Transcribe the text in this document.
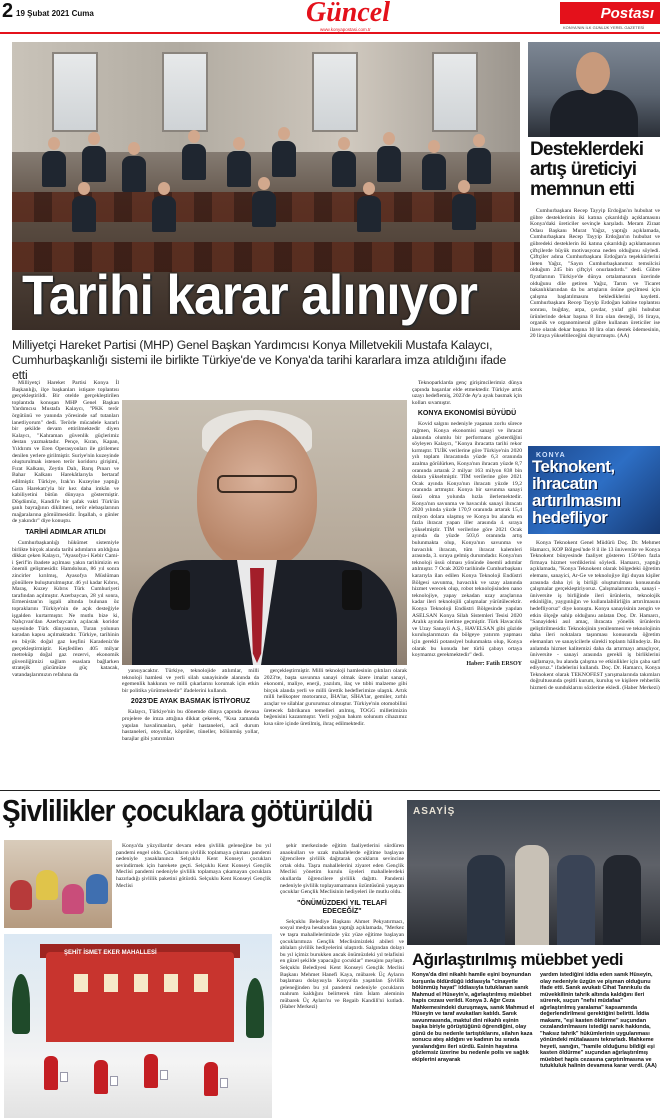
2 19 Şubat 2021 Cuma	Güncel
www.konyapostasi.com.tr
Postası
KONYA'NIN İLK GÜNLÜK YEREL GAZETESİ
Tarihi karar alınıyor
Milliyetçi Hareket Partisi (MHP) Genel Başkan Yardımcısı Konya Milletvekili Mustafa Kalaycı, Cumhurbaşkanlığı sistemi ile birlikte Türkiye'de ve Konya'da tarihi kararlara imza atıldığını ifade etti

Milliyetçi Hareket Partisi Konya İl Başkanlığı, ilçe başkanları istişare toplantısı gerçekleştirildi. Bir otelde gerçekleştirilen toplantıda konuşan MHP Genel Başkan Yardımcısı Mustafa Kalaycı, "PKK terör örgütünü ve yanında yöresinde saf tutanları lanetliyorum" dedi. Terörle mücadele kararlı bir şekilde devam ettirilmektedir diyen Kalaycı, "Kahraman güvenlik güçlerimiz destan yazmaktadır. Pençe, Kıran, Kapan, Yıldırım ve Eren Operasyonları ile girilemez denilen yerlere girilmiştir. Suriye'nin kuzeyinde oluşturulmak istenen terör koridoru girişimi, Fırat Kalkanı, Zeytin Dalı, Barış Pınarı ve Bahar Kalkanı Harekâtlarıyla bertaraf edilmiştir. Türkiye, Irak'ın Kuzeyine yaptığı Gara Harekatı'yla bir kez daha imkân ve kabiliyetini bütün dünyaya göstermiştir. Döşdümüz, Kandil'e bir şafak vakti Türk'ün şanlı bayrağının dikilmesi, terör elebaşılarının mağaralarına gömülmesidir. İnşallah, o günler de yakındır" diye konuştu.

TARİHİ ADIMLAR ATILDI

Cumhurbaşkanlığı hükümet sistemiyle birlikte birçok alanda tarihi adımların atıldığına dikkat çeken Kalaycı, "Ayasofya-i Kebir Cami-i Şerif'in ibadete açılması yakın tarihimizin en önemli gelişmesidir. Hamdolsun, 86 yıl sonra zincirler kırılmış, Ayasofya Müslüman gönüllere buluşturulmuştur. 46 yıl kadar Kıbrıs, Maraş, Kuzey Kıbrıs Türk Cumhuriyeti tarafından açılmıştır. Azerbaycan, 28 yıl sonra, Ermenistan'ın işgali altında bulunan öz topraklarını Türkiye'nin de açık desteğiyle işgalden kurtarmıştır. Ne mutlu bize ki, Nahçıvan'dan Azerbaycan'a açılacak koridor sayesinde Türk dünyasının, Turan yolunun karadan kapısı açılmaktadır. Türkiye, tarihinin en büyük doğal gaz keşfini Karadeniz'de gerçekleştirmiştir. Keşfedilen 405 milyar metreküp doğal gaz rezervi, ekonomik güvenliğimizi sağlam esaslara bağlarken stratejik gücümüze güç katacak, vatandaşlarımızın refahına da

yansıyacaktır. Türkiye, teknolojide atılımlar, milli teknoloji hamlesi ve yerli silah sanayisinde alanında da egemenlik hakkının ve milli çıkarlarını korumak için etkin bir politika yürütmektedir" ifadelerini kullandı.

2023'DE AYAK BASMAK İSTİYORUZ

Kalaycı, Türkiye'nin bu dönemde dünya çapında devasa projelere de imza attığına dikkat çekerek, "Kısa zamanda yapılan havalimanları, şehir hastaneleri, acil durum hastaneleri, otoyollar, köprüler, tüneller, bölünmüş yollar, barajlar gibi yatırımları

gerçekleştirmiştir. Milli teknoloji hamlesinin çıktıları olarak 2023'te, başta savunma sanayi olmak üzere imalat sanayi, ekonomi, maliye, enerji, yazılım, ilaç ve tıbbi malzeme gibi birçok alanda yerli ve milli ürettik hedeflerimize ulaştık. Artık milli helikopter motoramız, İHA'lar, SİHA'lar, gemiler, zırhlı araçlar ve silahlar gururumuz olmuştur. Türkiye'nin otomobilini üretecek fabrikanın temelleri atılmış, TOGG milletimizin beğenisini kazanmıştır. Yerli yoğun bakım solunum cihazımız kısa süre içinde üretilmiş, ihraç edilmektedir.

Teknoparklarda genç girişimcilerimiz dünya çapında başarılar elde etmektedir. Türkiye artık uzayı hedeflemiş, 2023'de Ay'a ayak basmak için kolları sıvamıştır.

KONYA EKONOMİSİ BÜYÜDÜ

Kovid salgını nedeniyle yaşanan zorlu sürece rağmen, Konya ekonomisi sanayi ve ihracat alanında olumlu bir performans gösterdiğini söyleyen Kalaycı, "Konya ihracatta tarihi rekor kırmıştır. TUİK verilerine göre Türkiye'nin 2020 yılı toplam ihracatında yüzde 6,3 oranında azalma görülürken, Konya'nın ihracatı yüzde 8,7 oranında artarak 2 milyar 163 milyon 838 bin dolara yükselmiştir. TİM verilerine göre 2021 Ocak ayında Konya'nın ihracatı yüzde 19,2 oranında artmıştır. Konya bir savunma sanayi üssü olma yolunda hızla ilerlemektedir. Konya'nın savunma ve havacılık sanayi ihracatı 2020 yılında yüzde 170,9 oranında artarak 15,4 milyon dolara ulaşmış ve Konya bu alanda en fazla ihracat yapan iller arasında 4. sıraya yükselmiştir. TİM verilerine göre 2021 Ocak ayında da yüzde 503,6 oranında artış bulunmakta olup, Konya'nın savunma ve havacılık ihracatı, tüm ihracat kalemleri arasında, 3. sıraya gelmiş durumdadır. Konya'nın teknoloji üssü olması yönünde önemli adımlar atılmıştır. 7 Ocak 2020 tarihinde Cumhurbaşkanı kararıyla ilan edilen Konya Teknoloji Endüstri Bölgesi savunma, havacılık ve uzay alanında hizmet verecek olup, robot teknolojisinden nano teknolojiye, yapay zekadan uzay araçlarına kadar ileri teknolojili çalışmalar yürütülecektir. Konya Teknoloji Endüstri Bölgesinde yapılan ASELSAN Konya Silah Sistemleri Tesisi 2020 Aralık ayında üretime geçmiştir. Türk Havacılık ve Uzay Sanayii A.Ş., HAVELSAN gibi güzide kuruluşlarımızın da bölgeye yatırım yapması için gerekli potansiyel bulunmakta olup, Konya olarak bu konuda her türlü çabayı ortaya koymamız gerekmektedir" dedi.

Haber: Fatih ERSOY
Desteklerdeki artış üreticiyi memnun etti

Cumhurbaşkanı Recep Tayyip Erdoğan'ın hububat ve gübre desteklerinin iki katına çıkarıldığı açıklamasını Konya'daki üreticiler sevinçle karşıladı. Meram Ziraat Odası Başkanı Murat Yağız, yaptığı açıklamada, Cumhurbaşkanı Recep Tayyip Erdoğan'ın hububat ve gübredeki desteklerin iki katına çıkarıldığı açıklamasının çiftçilerde büyük motivasyona neden olduğunu söyledi. Çiftçiler adına Cumhurbaşkanı Erdoğan'a teşekkürlerini ileten Yağız, "Sayın Cumhurbaşkanımız temsilcisi olduğum 245 bin çiftçiyi onurlandırdı." dedi. Gübre fiyatlarının Türkiye'de dünya ortalamasının üzerinde olduğunu dile getiren Yağız, Tarım ve Ticaret bakanlıklarından da bu artışların önüne geçilmesi için çalışma başlatılmasını beklediklerini kaydetti. Cumhurbaşkanı Recep Tayyip Erdoğan kabine toplantısı sonrası, buğday, arpa, çavdar, yulaf gibi hububat ürünlerinde dekar başına 8 lira olan desteği, 16 liraya, organik ve organomineral gübre kullanan üreticiler ise ilave olarak dekar başına 10 lira olan destek ödemesinin, 20 liraya yükseltileceğini duyurmuştu. (AA)

KONYA
Teknokent, ihracatın artırılmasını hedefliyor

Konya Teknokent Genel Müdürü Doç. Dr. Mehmet Hamarcı, KOP Bölgesi'nde 8 il ile 13 üniversite ve Konya Teknokent bünyesinde faaliyet gösteren 150'den fazla firmaya hizmet verdiklerini söyledi. Hamarcı, yaptığı açıklamada, "Konya Teknokent olarak bölgedeki öğretim elemanı, sanayici, Ar-Ge ve teknolojiye ilgi duyan kişiler arasında daha iyi iş birliği oluşturulması konusunda çalışmalar gerçekleştiriyoruz. Çalışmalarımızda, sanayi - üniversite iş birliğinde ileri ürünlerin, teknolojik etkinliğin, yaygınlığın ve kullanılabilirliğin artırılmasını hedefliyoruz" diye konuştu. Konya sanayisinin zengin ve etkin ölçeğe sahip olduğunu anlatan Doç. Dr. Hamarcı, "Sanayideki asıl amaç, ihracata yönelik ürünlerin geliştirilmesidir. Teknolojinin yenilenmesi ve teknolojinin daha ileri noktalara taşınması konusunda öğretim elemanları ve sanayicilerle sürekli toplantı hâlindeyiz. Bu anlamda hizmet kalitemizi daha da artırmayı amaçlıyor, üniversite - sanayi arasında gerekli iş birliklerini sağlamaya, bu alanda çalışma ve etkinlikler için çaba sarf ediyoruz." ifadelerini kullandı. Doç. Dr. Hamarcı, Konya Teknokent olarak TEKNOFEST yarışmalarında takımları doğrultusunda çeşitli kurum, kuruluş ve kişilere rehberlik hizmeti de sunduklarını sözlerine ekledi. (Haber Merkezi)

Şivlilikler çocuklara götürüldü
ŞEHİT İSMET EKER MAHALLESİ

Konya'da yüzyıllardır devam eden şivlilik geleneğine bu yıl pandemi engel oldu. Çocukların şivlilik toplamaya çıkması pandemi nedeniyle yasaklanınca Selçuklu Kent Konseyi çocukları sevindirmek için harekete geçti. Selçuklu Kent Konseyi Gençlik Meclisi pandemi nedeniyle şivlilik toplamaya çıkamayan çocuklara hazırladığı şivlilik paketini götürdü. Selçuklu Kent Konseyi Gençlik Meclisi

şehir merkezinde eğitim faaliyetlerini sürdüren anaokulları ve uzak mahallelerde eğitime başlayan öğrencilere şivlilik dağıtarak çocukların sevincine ortak oldu. Taşra mahallelerini ziyaret eden Gençlik Meclisi yönetim kurulu üyeleri mahallelerdeki okullarda öğrencilere şivlilik dağıttı. Pandemi nedeniyle şivlilik toplayamamanın üzüntüsünü yaşayan çocuklar Gençlik Meclisinin hediyeleri ile mutlu oldu.

"ÖNÜMÜZDEKİ YIL TELAFİ EDECEĞİZ"

Selçuklu Belediye Başkanı Ahmet Pekyatırmacı, sosyal medya hesabından yaptığı açıklamada, "Merkez ve taşra mahallelerimizde yüz yüze eğitime başlayan çocuklarımıza Gençlik Meclisimizdeki abileri ve ablaları şivlilik hediyelerini ulaştırdı. Salgından dolayı bu yıl içimiz burukken ancak önümüzdeki yıl telafisini en güzel şekilde yapacağız çocuklar" mesajını paylaştı. Selçuklu Belediyesi Kent Konseyi Gençlik Meclisi Başkanı Mehmet Hanefi Kaya, mübarek Üç Ayların başlaması dolayısıyla Konya'da yaşatılan Şivlilik geleneğinden bu yıl pandemi nedeniyle çocukların mahrum kaldığını belirterek tüm İslam aleminin mübarek Üç Ayları'nı ve Regaib Kandili'ni kutladı. (Haber Merkezi)

ASAYİŞ
Ağırlaştırılmış müebbet yedi
Konya'da dini nikahlı hamile eşini boynundan kurşunla öldürdüğü iddiasıyla "cinayetle bölünmüş hayat" iddiasıyla tutuklanan sanık Mahmud el Hüseyin'e, ağırlaştırılmış müebbet hapis cezası verildi. Konya 3. Ağır Ceza Mahkemesindeki duruşmaya, sanık Mahmud el Hüseyin ve taraf avukatları katıldı. Sanık savunmasında, maktul dini nikahlı eşinin başka biriyle görüştüğünü öğrendiğini, olay günü de bu nedenle tartıştıklarını, silahın kaza sonucu ateş aldığını ve kadının bu sırada yaralandığını ileri sürdü. Esinin hayatına gözlemsiz üzerine bu nedenle polis ve sağlık ekiplerini arayarak
yardım istediğini iddia eden sanık Hüseyin, olay nedeniyle üzgün ve pişman olduğunu ifade etti. Sanık avukatı Cihat Tanrıkulu da müvekkilinin tahrik altında kaldığını ileri sürerek, suçun "nefsi müdafaa" ağırlaştırılmış yaralama" kapsamında değerlendirilmesi gerektiğini belirtti. İddia makamı, "eşi kasten öldürme" suçundan cezalandırılmasını istediği sanık hakkında, "haksız tahrik" hükümlerinin uygulanması yönündeki mütalaasını tekrarladı. Mahkeme heyeti, sanığın, "hamile olduğunu bildiği eşi kasten öldürme" suçundan ağırlaştırılmış müebbet hapis cezasına çarptırılmasına ve tutukluluk halinin devamına karar verdi. (AA)
